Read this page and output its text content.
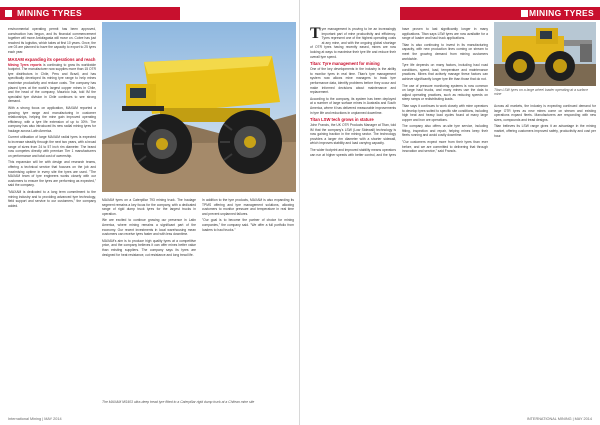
MINING TYRES

environmental operating permit has been approved, construction has begun, and its financial commencement together will move Antofagasta will move on. Cobre has just reached its logistics, which takes at first 10 years. Once, the ore 03 are planned to have the capacity to export to 25 tyres each year.

MAXAM expanding its operations and reach

Mining Tyres reports is continuing to grow its worldwide footprint. The manufacturer now supplies more than 15 OTR tyre distributors in Chile, Peru and Brazil, and has specifically developed its mining tyre range to help mines maximise productivity and reduce costs. The company has placed tyres at the world's largest copper mines in Chile, and the head of the company, Mauricio Isla, told IM the specialist tyre division in Chile continues to see strong demand.

With a strong focus on application, MAXAM reported a growing tyre range and manufacturing in customer relationships, helping the mine gain improved operating efficiency, with a tyre life extension of up to 30%. The company has also introduced its new radial mining tyres for haulage across Latin America.

Current utilisation of large MAXAM radial tyres is expected to increase steadily through the next two years, with a broad range of sizes from 24 to 57 inch rim diameter. The brand now competes directly with premium Tier 1 manufacturers on performance and total cost of ownership.

This expansion will be with design and research teams, offering a technical service that focuses on the job and maximising uptime in every site the tyres are used. "The MAXAM team of tyre engineers works closely with our customers to ensure the tyres are performing as expected," said the company.

"MAXAM is dedicated to a long term commitment to the mining industry and to providing advanced tyre technology, field support and service to our customers," the company added.

MAXAM tyres on a Caterpillar 793 mining truck. The haulage segment remains a key focus for the company, with a dedicated range of rigid dump truck tyres for the largest trucks in operation.

We are excited to continue growing our presence in Latin America, where mining remains a significant part of the economy. Our recent investments in local warehousing mean customers can receive tyres faster and with less downtime.

MAXAM's aim is to produce high quality tyres at a competitive price, and the company believes it can offer mines better value than existing suppliers. The company says its tyres are designed for heat resistance, cut resistance and long tread life.

In addition to the tyre products, MAXAM is also expanding its TPMS offering and tyre management solutions, allowing customers to monitor pressure and temperature in real time and prevent unplanned failures.

"Our goal is to become the partner of choice for mining companies," the company said. "We offer a full portfolio from loaders to haul trucks."

The MAXAM MS403 ultra-deep tread tyre fitted to a Caterpillar rigid dump truck at a Chilean mine site
International Mining | MAY 2014
MINING TYRES

Tyre management is proving to be an increasingly important part of mine productivity and efficiency. Tyres represent one of the highest operating costs at any mine, and with the ongoing global shortage of OTR tyres having recently eased, mines are now looking at ways to maximise their tyre life and reduce their overall tyre spend.

Titan: Tyre management for mining

One of the key developments in the industry is the ability to monitor tyres in real time. Titan's tyre management system now allows mine managers to track tyre performance data, identify problems before they occur and make informed decisions about maintenance and replacement.

According to the company, its system has been deployed at a number of large surface mines in Australia and South America, where it has delivered measurable improvements in tyre life and reductions in unplanned downtime.

Titan LSW tech grows in stature

John Francis, the UK OTR Products Manager at Titan, told IM that the company's LSW (Low Sidewall) technology is now gaining traction in the mining sector. The technology provides a larger rim diameter with a shorter sidewall, which improves stability and load carrying capacity.

The wider footprint and improved stability means operators can run at higher speeds with better control, and the tyres have proven to last significantly longer in many applications. Titan says LSW tyres are now available for a range of loader and haul truck applications.

Titan is also continuing to invest in its manufacturing capacity, with new production lines coming on stream to meet the growing demand from mining customers worldwide.

Tyre life depends on many factors, including haul road conditions, speed, load, temperature and maintenance practices. Mines that actively manage these factors can achieve significantly longer tyre life than those that do not.

The use of pressure monitoring systems is now common on large haul trucks, and many mines use the data to adjust operating practices, such as reducing speeds on steep ramps or redistributing loads.

Titan says it continues to work closely with mine operators to develop tyres suited to specific site conditions, including high heat and heavy load cycles found at many large copper and iron ore operations.

The company also offers on-site tyre service, including fitting, inspection and repair, helping mines keep their fleets running and avoid costly downtime.

"Our customers expect more from their tyres than ever before, and we are committed to delivering that through innovation and service," said Francis.

Titan LSW tyres on a large wheel loader operating at a surface mine

Across all markets, the industry is expecting continued demand for large OTR tyres as new mines come on stream and existing operations expand fleets. Manufacturers are responding with new sizes, compounds and tread designs.

Titan believes its LSW range gives it an advantage in the mining market, offering customers improved safety, productivity and cost per hour.

INTERNATIONAL MINING | MAY 2014
